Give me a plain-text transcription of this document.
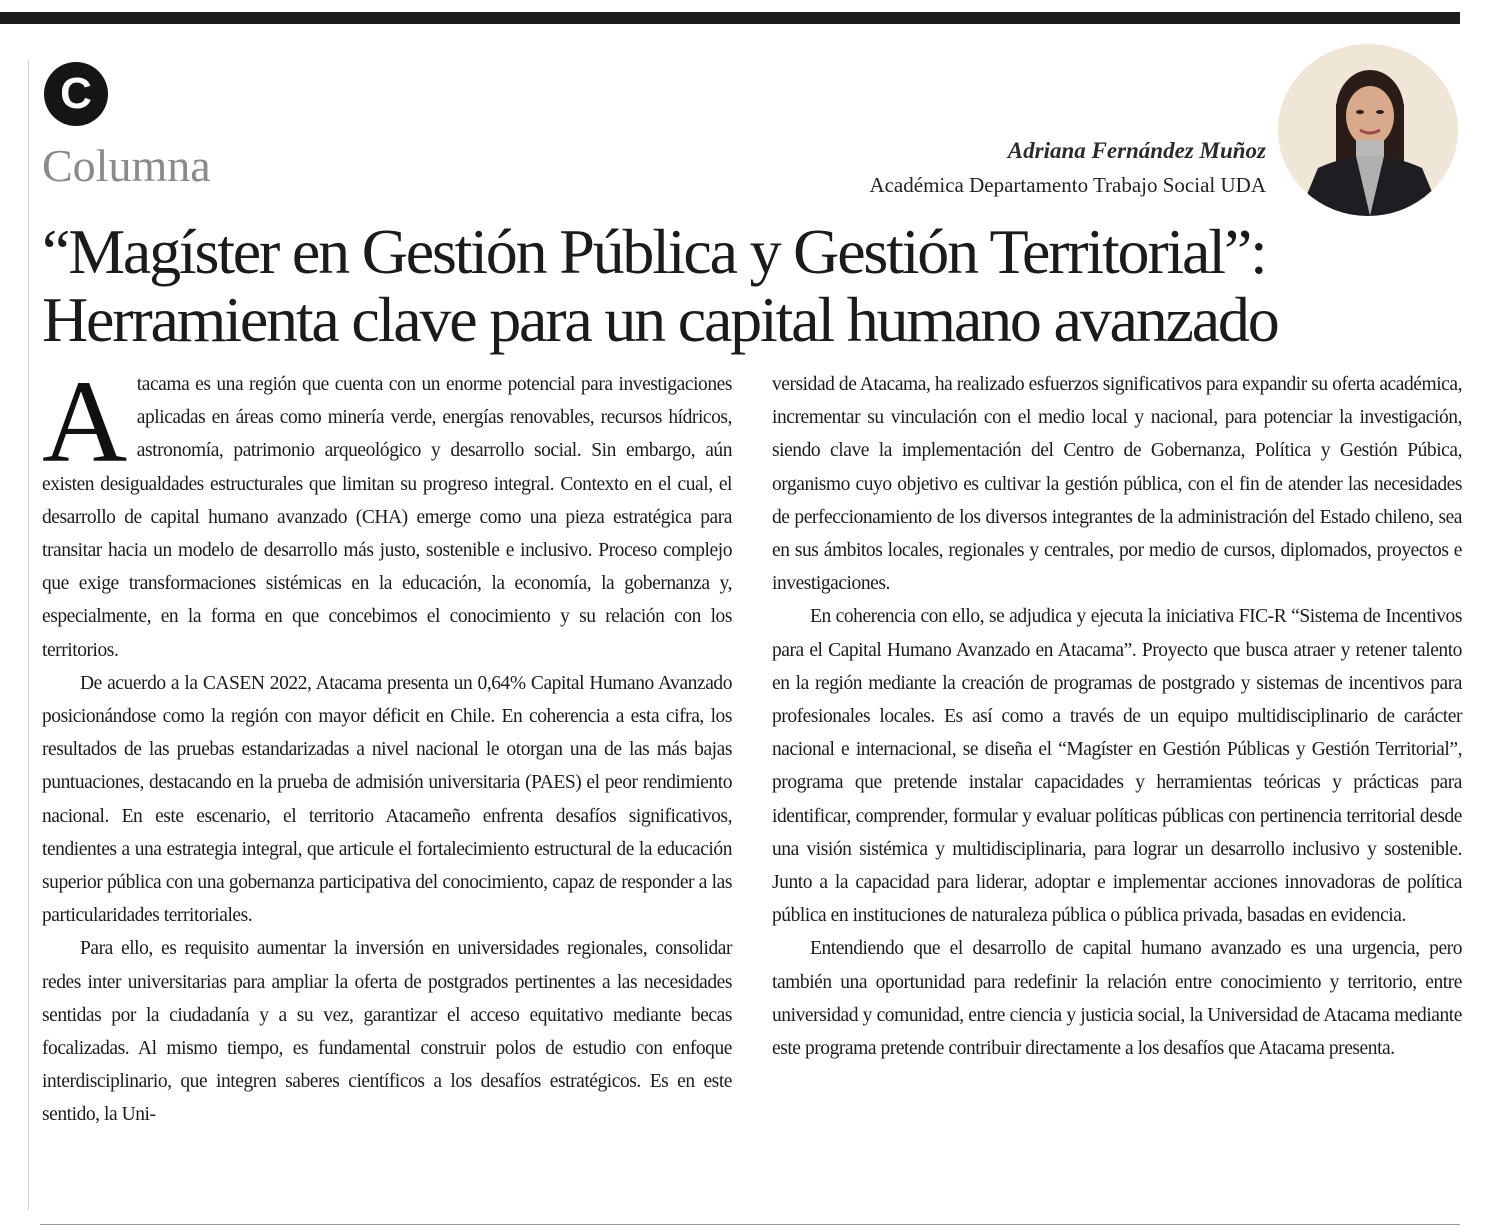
C
Columna	Adriana Fernández Muñoz
Académica Departamento Trabajo Social UDA
“Magíster en Gestión Pública y Gestión Territorial”:
Herramienta clave para un capital humano avanzado

Atacama es una región que cuenta con un enorme potencial para investigaciones aplicadas en áreas como minería verde, energías renovables, recursos hídricos, astronomía, patrimonio arqueológico y desarrollo social. Sin embargo, aún existen desigualdades estructurales que limitan su progreso integral. Contexto en el cual, el desarrollo de capital humano avanzado (CHA) emerge como una pieza estratégica para transitar hacia un modelo de desarrollo más justo, sostenible e inclusivo. Proceso complejo que exige transformaciones sistémicas en la educación, la economía, la gobernanza y, especialmente, en la forma en que concebimos el conocimiento y su relación con los territorios.

De acuerdo a la CASEN 2022, Atacama presenta un 0,64% Capital Humano Avanzado posicionándose como la región con mayor déficit en Chile. En coherencia a esta cifra, los resultados de las pruebas estandarizadas a nivel nacional le otorgan una de las más bajas puntuaciones, destacando en la prueba de admisión universitaria (PAES) el peor rendimiento nacional. En este escenario, el territorio Atacameño enfrenta desafíos significativos, tendientes a una estrategia integral, que articule el fortalecimiento estructural de la educación superior pública con una gobernanza participativa del conocimiento, capaz de responder a las particularidades territoriales.

Para ello, es requisito aumentar la inversión en universidades regionales, consolidar redes inter universitarias para ampliar la oferta de postgrados pertinentes a las necesidades sentidas por la ciudadanía y a su vez, garantizar el acceso equitativo mediante becas focalizadas. Al mismo tiempo, es fundamental construir polos de estudio con enfoque interdisciplinario, que integren saberes científicos a los desafíos estratégicos. Es en este sentido, la Uni-

versidad de Atacama, ha realizado esfuerzos significativos para expandir su oferta académica, incrementar su vinculación con el medio local y nacional, para potenciar la investigación, siendo clave la implementación del Centro de Gobernanza, Política y Gestión Púbica, organismo cuyo objetivo es cultivar la gestión pública, con el fin de atender las necesidades de perfeccionamiento de los diversos integrantes de la administración del Estado chileno, sea en sus ámbitos locales, regionales y centrales, por medio de cursos, diplomados, proyectos e investigaciones.

En coherencia con ello, se adjudica y ejecuta la iniciativa FIC-R “Sistema de Incentivos para el Capital Humano Avanzado en Atacama”. Proyecto que busca atraer y retener talento en la región mediante la creación de programas de postgrado y sistemas de incentivos para profesionales locales. Es así como a través de un equipo multidisciplinario de carácter nacional e internacional, se diseña el “Magíster en Gestión Públicas y Gestión Territorial”, programa que pretende instalar capacidades y herramientas teóricas y prácticas para identificar, comprender, formular y evaluar políticas públicas con pertinencia territorial desde una visión sistémica y multidisciplinaria, para lograr un desarrollo inclusivo y sostenible. Junto a la capacidad para liderar, adoptar e implementar acciones innovadoras de política pública en instituciones de naturaleza pública o pública privada, basadas en evidencia.

Entendiendo que el desarrollo de capital humano avanzado es una urgencia, pero también una oportunidad para redefinir la relación entre conocimiento y territorio, entre universidad y comunidad, entre ciencia y justicia social, la Universidad de Atacama mediante este programa pretende contribuir directamente a los desafíos que Atacama presenta.
